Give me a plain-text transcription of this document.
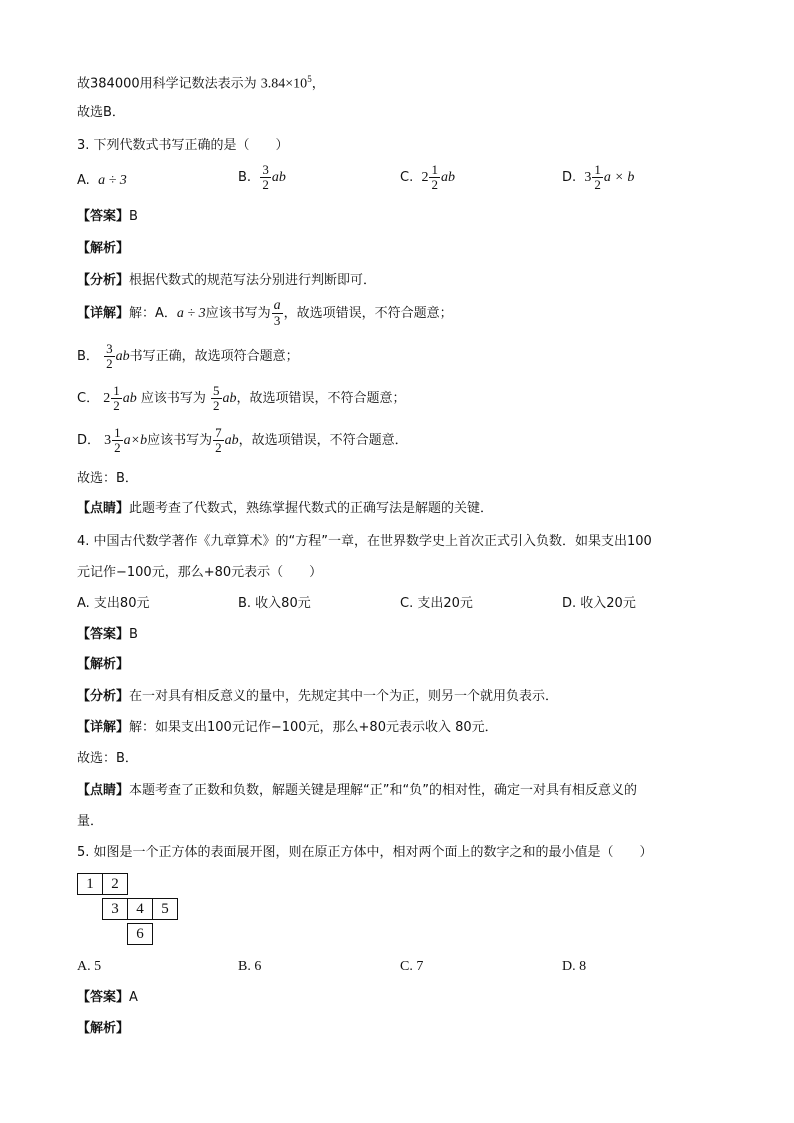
故384000用科学记数法表示为 $3.84\times 10^5$，
故选B．
3. 下列代数式书写正确的是（　　）
A. a ÷ 3	B. $\frac{3}{2}$ ab	C. $2 \frac{1}{2}$ ab	D. $3 \frac{1}{2}$ a × b
【答案】B
【解析】
【分析】根据代数式的规范写法分别进行判断即可．
【详解】解：A．a ÷ 3应该书写为 $\frac{a}{3}$ ，故选项错误，不符合题意；
B． $\frac{3}{2}$ ab书写正确，故选项符合题意；
C． $2 \frac{1}{2}$ ab 应该书写为 $\frac{5}{2}$ ab，故选项错误，不符合题意；
D． $3 \frac{1}{2} a\times b$应该书写为 $\frac{7}{2}$ ab，故选项错误，不符合题意．
故选：B．
【点睛】此题考查了代数式，熟练掌握代数式的正确写法是解题的关键．
4. 中国古代数学著作《九章算术》的“方程”一章，在世界数学史上首次正式引入负数．如果支出100
元记作−100元，那么+80元表示（　　）
A. 支出80元	B. 收入80元	C. 支出20元	D. 收入20元
【答案】B
【解析】
【分析】在一对具有相反意义的量中，先规定其中一个为正，则另一个就用负表示．
【详解】解：如果支出100元记作−100元，那么+80元表示收入 80元．
故选：B．
【点睛】本题考查了正数和负数，解题关键是理解“正”和“负”的相对性，确定一对具有相反意义的
量．
5. 如图是一个正方体的表面展开图，则在原正方体中，相对两个面上的数字之和的最小值是（　　）
1	2
3	4	5
6
A. 5	B. 6	C. 7	D. 8
【答案】A
【解析】
